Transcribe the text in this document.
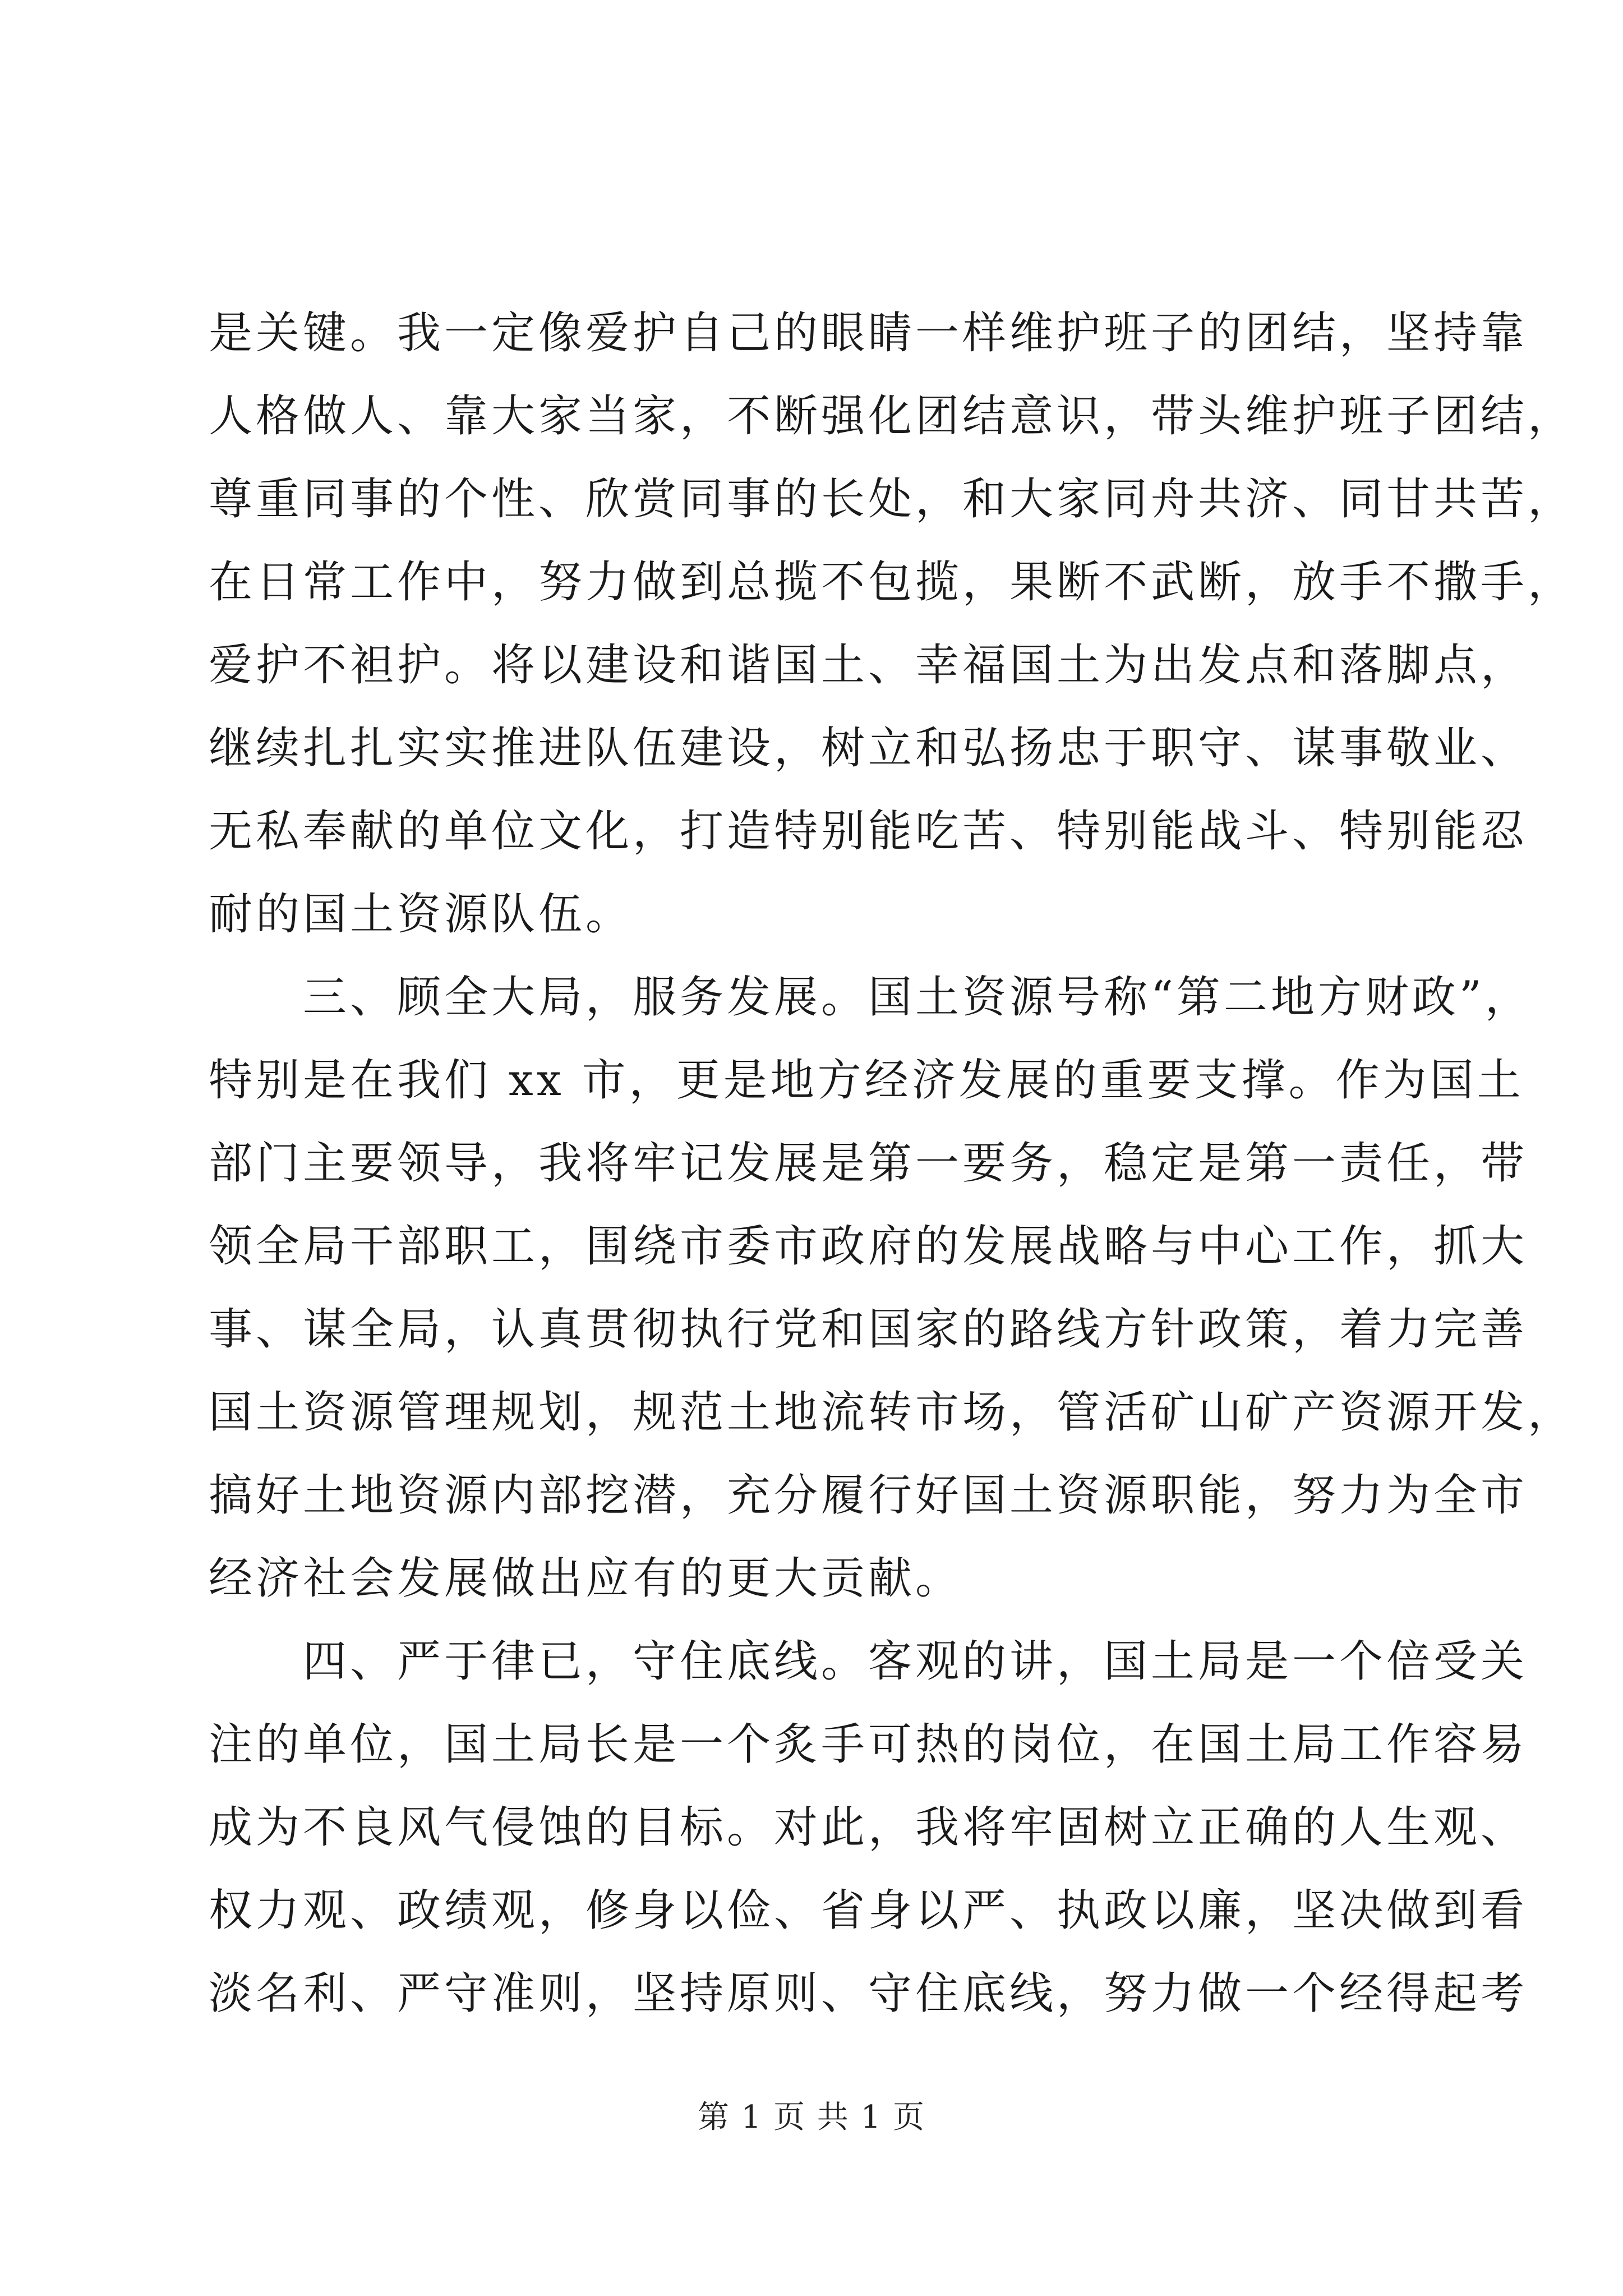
是关键。我一定像爱护自己的眼睛一样维护班子的团结，坚持靠
人格做人、靠大家当家，不断强化团结意识，带头维护班子团结，
尊重同事的个性、欣赏同事的长处，和大家同舟共济、同甘共苦，
在日常工作中，努力做到总揽不包揽，果断不武断，放手不撒手，
爱护不袒护。将以建设和谐国土、幸福国土为出发点和落脚点，
继续扎扎实实推进队伍建设，树立和弘扬忠于职守、谋事敬业、
无私奉献的单位文化，打造特别能吃苦、特别能战斗、特别能忍
耐的国土资源队伍。
三、顾全大局，服务发展。国土资源号称“第二地方财政”，
特别是在我们 xx 市，更是地方经济发展的重要支撑。作为国土
部门主要领导，我将牢记发展是第一要务，稳定是第一责任，带
领全局干部职工，围绕市委市政府的发展战略与中心工作，抓大
事、谋全局，认真贯彻执行党和国家的路线方针政策，着力完善
国土资源管理规划，规范土地流转市场，管活矿山矿产资源开发，
搞好土地资源内部挖潜，充分履行好国土资源职能，努力为全市
经济社会发展做出应有的更大贡献。
四、严于律已，守住底线。客观的讲，国土局是一个倍受关
注的单位，国土局长是一个炙手可热的岗位，在国土局工作容易
成为不良风气侵蚀的目标。对此，我将牢固树立正确的人生观、
权力观、政绩观，修身以俭、省身以严、执政以廉，坚决做到看
淡名利、严守准则，坚持原则、守住底线，努力做一个经得起考
第 1 页 共 1 页
